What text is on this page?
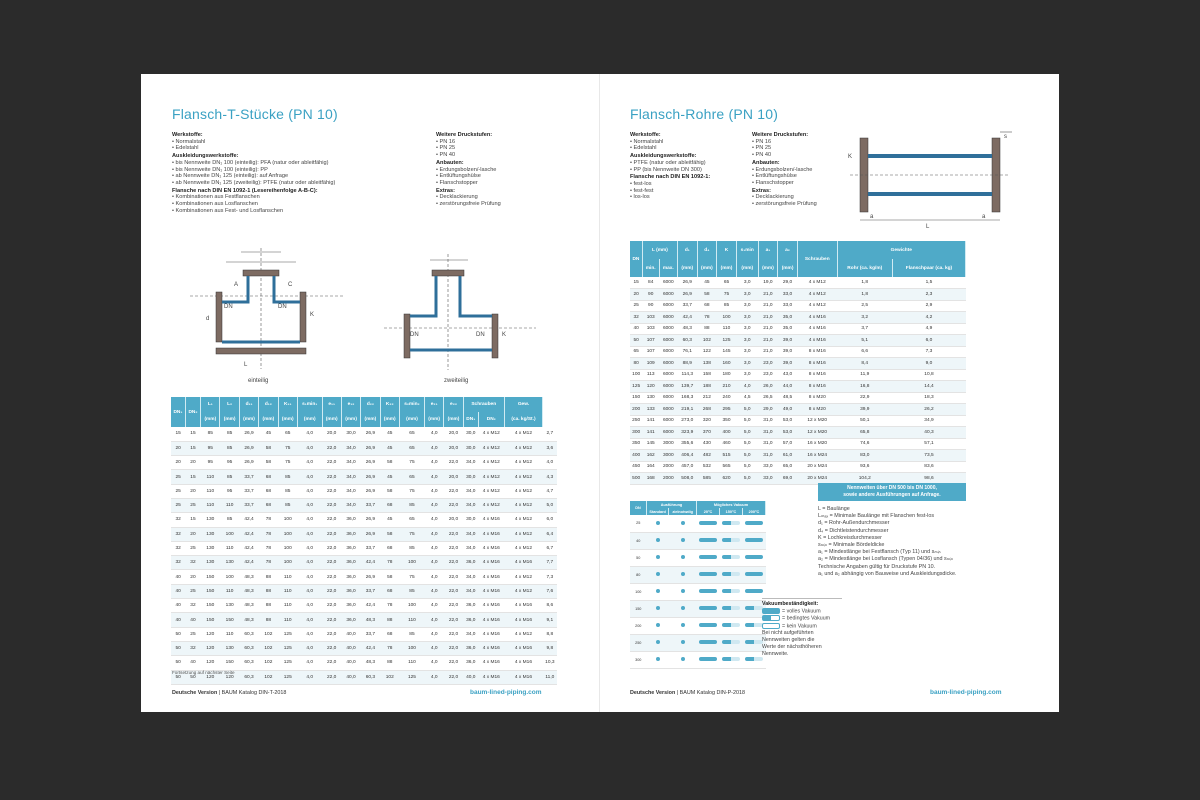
Flansch-T-Stücke (PN 10)
Werkstoffe:
• Normalstahl
• Edelstahl
Auskleidungswerkstoffe:
• bis Nennweite DN₁ 100 (einteilig): PFA (natur oder ableitfähig)
• bis Nennweite DN₁ 100 (einteilig): PP
• ab Nennweite DN₁ 125 (einteilig): auf Anfrage
• ab Nennweite DN₁ 125 (zweiteilig): PTFE (natur oder ableitfähig)
Flansche nach DIN EN 1092-1 (Lesereihenfolge A-B-C):
• Kombinationen aus Festflanschen
• Kombinationen aus Losflanschen
• Kombinationen aus Fest- und Losflanschen
Weitere Druckstufen:
• PN 16
• PN 25
• PN 40
Anbauten:
• Erdungsbolzen/-lasche
• Entlüftungshülse
• Flanschstopper
Extras:
• Decklackierung
• zerstörungsfreie Prüfung
DN	DN
K
d
A	C
L
einteilig
DN	DN	K
zweiteilig
DN₁	DN₂	L₁	L₂	d₁₁	d₁₂	K₁₁	s₁min₁	e₁₁	e₁₂	d₂₂	K₂₂	s₂min₂	e₂₁	e₂₂	Schrauben		Gew.	
		(mm)	(mm)	(mm)	(mm)	(mm)	(mm)	(mm)	(mm)	(mm)	(mm)	(mm)	(mm)	(mm)	DN₁	DN₂	(ca. kg/St.)	
15	15	85	85	26,9	45	65	4,0	20,0	30,0	26,9	45	65	4,0	20,0	30,0	4 x M12	4 x M12	2,7
20	15	95	85	26,9	58	75	4,0	22,0	34,0	26,9	45	65	4,0	20,0	30,0	4 x M12	4 x M12	3,6
20	20	95	95	26,9	58	75	4,0	22,0	34,0	26,9	58	75	4,0	22,0	34,0	4 x M12	4 x M12	4,0
25	15	110	85	33,7	68	85	4,0	22,0	34,0	26,9	45	65	4,0	20,0	30,0	4 x M12	4 x M12	4,3
25	20	110	95	33,7	68	85	4,0	22,0	34,0	26,9	58	75	4,0	22,0	34,0	4 x M12	4 x M12	4,7
25	25	110	110	33,7	68	85	4,0	22,0	34,0	33,7	68	85	4,0	22,0	34,0	4 x M12	4 x M12	5,0
32	15	130	85	42,4	78	100	4,0	22,0	36,0	26,9	45	65	4,0	20,0	30,0	4 x M16	4 x M12	6,0
32	20	130	100	42,4	78	100	4,0	22,0	36,0	26,9	58	75	4,0	22,0	34,0	4 x M16	4 x M12	6,4
32	25	130	110	42,4	78	100	4,0	22,0	36,0	33,7	68	85	4,0	22,0	34,0	4 x M16	4 x M12	6,7
32	32	130	130	42,4	78	100	4,0	22,0	36,0	42,4	78	100	4,0	22,0	36,0	4 x M16	4 x M16	7,7
40	20	150	100	48,3	88	110	4,0	22,0	36,0	26,9	58	75	4,0	22,0	34,0	4 x M16	4 x M12	7,3
40	25	150	110	48,3	88	110	4,0	22,0	36,0	33,7	68	85	4,0	22,0	34,0	4 x M16	4 x M12	7,6
40	32	150	130	48,3	88	110	4,0	22,0	36,0	42,4	78	100	4,0	22,0	36,0	4 x M16	4 x M16	8,6
40	40	150	150	48,3	88	110	4,0	22,0	36,0	48,3	88	110	4,0	22,0	36,0	4 x M16	4 x M16	9,1
50	25	120	110	60,3	102	125	4,0	22,0	40,0	33,7	68	85	4,0	22,0	34,0	4 x M16	4 x M12	8,8
50	32	120	130	60,3	102	125	4,0	22,0	40,0	42,4	78	100	4,0	22,0	36,0	4 x M16	4 x M16	9,8
50	40	120	150	60,3	102	125	4,0	22,0	40,0	48,3	88	110	4,0	22,0	36,0	4 x M16	4 x M16	10,3
50	50	120	120	60,3	102	125	4,0	22,0	40,0	60,3	102	125	4,0	22,0	40,0	4 x M16	4 x M16	11,0
Fortsetzung auf nächster Seite
Deutsche Version | BAUM Katalog DIN-T-2018	baum-lined-piping.com
Flansch-Rohre (PN 10)
Werkstoffe:
• Normalstahl
• Edelstahl
Auskleidungswerkstoffe:
• PTFE (natur oder ableitfähig)
• PP (bis Nennweite DN 300)
Flansche nach DIN EN 1092-1:
• fest-los
• fest-fest
• los-los
Weitere Druckstufen:
• PN 16
• PN 25
• PN 40
Anbauten:
• Erdungsbolzen/-lasche
• Entlüftungshülse
• Flanschstopper
Extras:
• Decklackierung
• zerstörungsfreie Prüfung
L
a	a
K
s
DN	L (mm)		d₁	d₄	K	s₁min	a₁	a₂	Schrauben	Gewichte	
	min.	max.	(mm)	(mm)	(mm)	(mm)	(mm)	(mm)		Rohr (ca. kg/m)	Flanschpaar (ca. kg)
15	84	6000	26,9	45	65	3,0	19,0	29,0	4 x M12	1,8	1,5
20	90	6000	26,9	58	75	3,0	21,0	33,0	4 x M12	1,8	2,3
25	90	6000	33,7	68	85	3,0	21,0	33,0	4 x M12	2,5	2,9
32	103	6000	42,4	78	100	3,0	21,0	35,0	4 x M16	3,2	4,2
40	103	6000	48,3	88	110	3,0	21,0	35,0	4 x M16	3,7	4,9
50	107	6000	60,3	102	125	3,0	21,0	39,0	4 x M16	5,1	6,0
65	107	6000	76,1	122	145	3,0	21,0	39,0	8 x M16	6,6	7,3
80	109	6000	88,9	138	160	3,0	23,0	39,0	8 x M16	8,4	9,0
100	113	6000	114,3	158	180	3,0	23,0	43,0	8 x M16	11,9	10,8
125	120	6000	139,7	188	210	4,0	26,0	44,0	8 x M16	16,8	14,4
150	130	6000	168,3	212	240	4,5	26,5	48,5	8 x M20	22,9	18,3
200	133	6000	219,1	268	295	5,0	29,0	49,0	8 x M20	39,9	26,2
250	141	6000	273,0	320	350	5,0	31,0	53,0	12 x M20	50,1	34,9
300	141	6000	323,9	370	400	5,0	31,0	53,0	12 x M20	65,8	40,3
350	145	3000	355,6	430	460	5,0	31,0	57,0	16 x M20	74,6	57,1
400	162	3000	406,4	482	515	5,0	31,0	61,0	16 x M24	83,0	73,5
450	164	2000	457,0	532	565	5,0	33,0	65,0	20 x M24	93,6	83,6
500	168	2000	508,0	585	620	5,0	33,0	69,0	20 x M24	104,2	98,6
DN	Ausführung		Mögliches Vakuum		
	Standard	zielnotwdig	20°C	150°C	200°C
25					
40					
50					
80					
100					
150					
200					
250					
300					
Nennweiten über DN 500 bis DN 1000,
sowie andere Ausführungen auf Anfrage.
L = Baulänge
Lₘₐₓ = Minimale Baulänge mit Flanschen fest-los
d₁ = Rohr-Außendurchmesser
d₄ = Dichtleistendurchmesser
K = Lochkreisdurchmesser
sₘᵢₙ = Minimale Bördeldicke
a₁ = Mindestlänge bei Festflansch (Typ 11) und sₘᵢₙ
a₂ = Mindestlänge bei Losflansch (Typen 04/36) und sₘᵢₙ
Technische Angaben gültig für Druckstufe PN 10.
a₁ und a₂ abhängig von Bauweise und Auskleidungsdicke.
Vakuumbeständigkeit:
= volles Vakuum
= bedingtes Vakuum
= kein Vakuum
Bei nicht aufgeführten
Nennweiten gelten die
Werte der nächsthöheren
Nennweite.
Deutsche Version | BAUM Katalog DIN-P-2018	baum-lined-piping.com
